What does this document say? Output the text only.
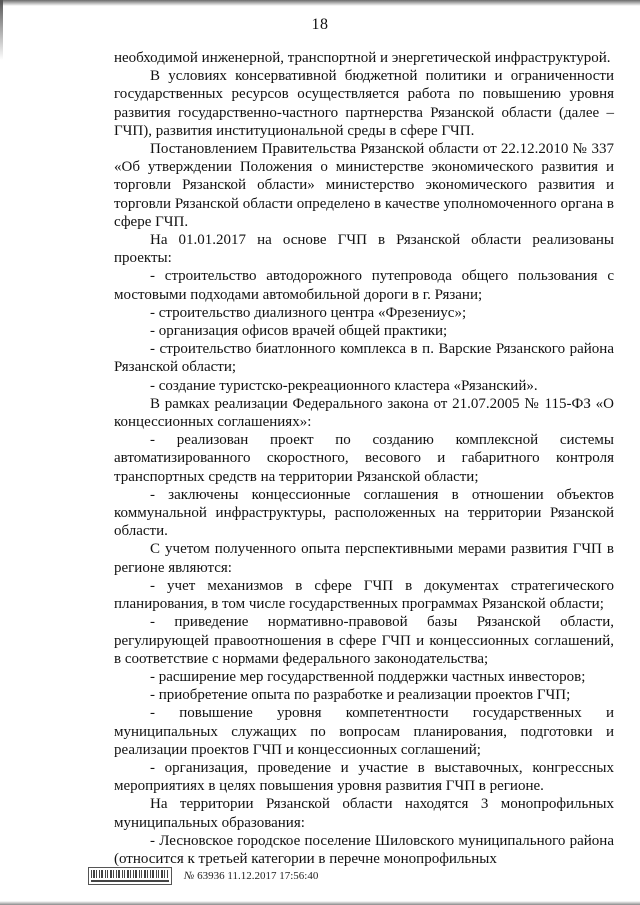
18

необходимой инженерной, транспортной и энергетической инфраструктурой.

В условиях консервативной бюджетной политики и ограниченности государственных ресурсов осуществляется работа по повышению уровня развития государственно-частного партнерства Рязанской области (далее – ГЧП), развития институциональной среды в сфере ГЧП.

Постановлением Правительства Рязанской области от 22.12.2010 № 337 «Об утверждении Положения о министерстве экономического развития и торговли Рязанской области» министерство экономического развития и торговли Рязанской области определено в качестве уполномоченного органа в сфере ГЧП.

На 01.01.2017 на основе ГЧП в Рязанской области реализованы проекты:

- строительство автодорожного путепровода общего пользования с мостовыми подходами автомобильной дороги в г. Рязани;

- строительство диализного центра «Фрезениус»;

- организация офисов врачей общей практики;

- строительство биатлонного комплекса в п. Варские Рязанского района Рязанской области;

- создание туристско-рекреационного кластера «Рязанский».

В рамках реализации Федерального закона от 21.07.2005 № 115-ФЗ «О концессионных соглашениях»:

- реализован проект по созданию комплексной системы автоматизированного скоростного, весового и габаритного контроля транспортных средств на территории Рязанской области;

- заключены концессионные соглашения в отношении объектов коммунальной инфраструктуры, расположенных на территории Рязанской области.

С учетом полученного опыта перспективными мерами развития ГЧП в регионе являются:

- учет механизмов в сфере ГЧП в документах стратегического планирования, в том числе государственных программах Рязанской области;

- приведение нормативно-правовой базы Рязанской области, регулирующей правоотношения в сфере ГЧП и концессионных соглашений, в соответствие с нормами федерального законодательства;

- расширение мер государственной поддержки частных инвесторов;

- приобретение опыта по разработке и реализации проектов ГЧП;

- повышение уровня компетентности государственных и муниципальных служащих по вопросам планирования, подготовки и реализации проектов ГЧП и концессионных соглашений;

- организация, проведение и участие в выставочных, конгрессных мероприятиях в целях повышения уровня развития ГЧП в регионе.

На территории Рязанской области находятся 3 монопрофильных муниципальных образования:

- Лесновское городское поселение Шиловского муниципального района (относится к третьей категории в перечне монопрофильных

№ 63936 11.12.2017 17:56:40
